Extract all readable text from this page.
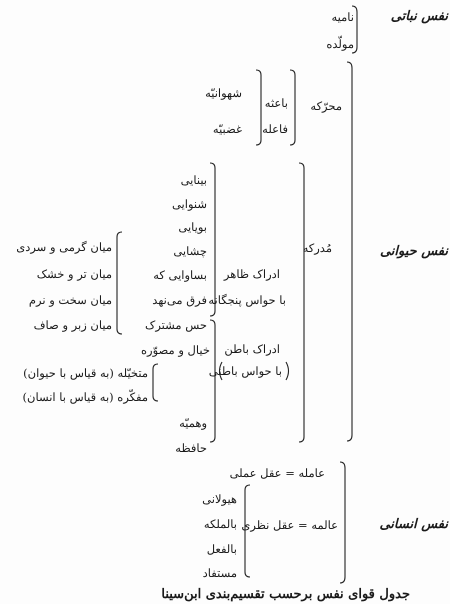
نفس نباتی
نامیه
مولّده
نفس حیوانی
محرّکه
باعثه
فاعله
شهوانیّه
غضبیّه
مُدرکه
ادراک ظاهر
با حواس پنجگانه
بینایی
شنوایی
بویایی
چشایی
بساوایی که
فرق می‌نهد
میان گرمی و سردی
میان تر و خشک
میان سخت و نرم
میان زبر و صاف
ادراک باطن
با حواس باطنی
حس مشترک
خیال و مصوّره
متخیّله (به قیاس با حیوان)
مفکّره (به قیاس با انسان)
وهمیّه
حافظه
نفس انسانی
عامله = عقل عملی
عالمه = عقل نظری
هیولانی
بالملکه
بالفعل
مستفاد
جدول قوای نفس برحسب تقسیم‌بندی ابن‌سینا
